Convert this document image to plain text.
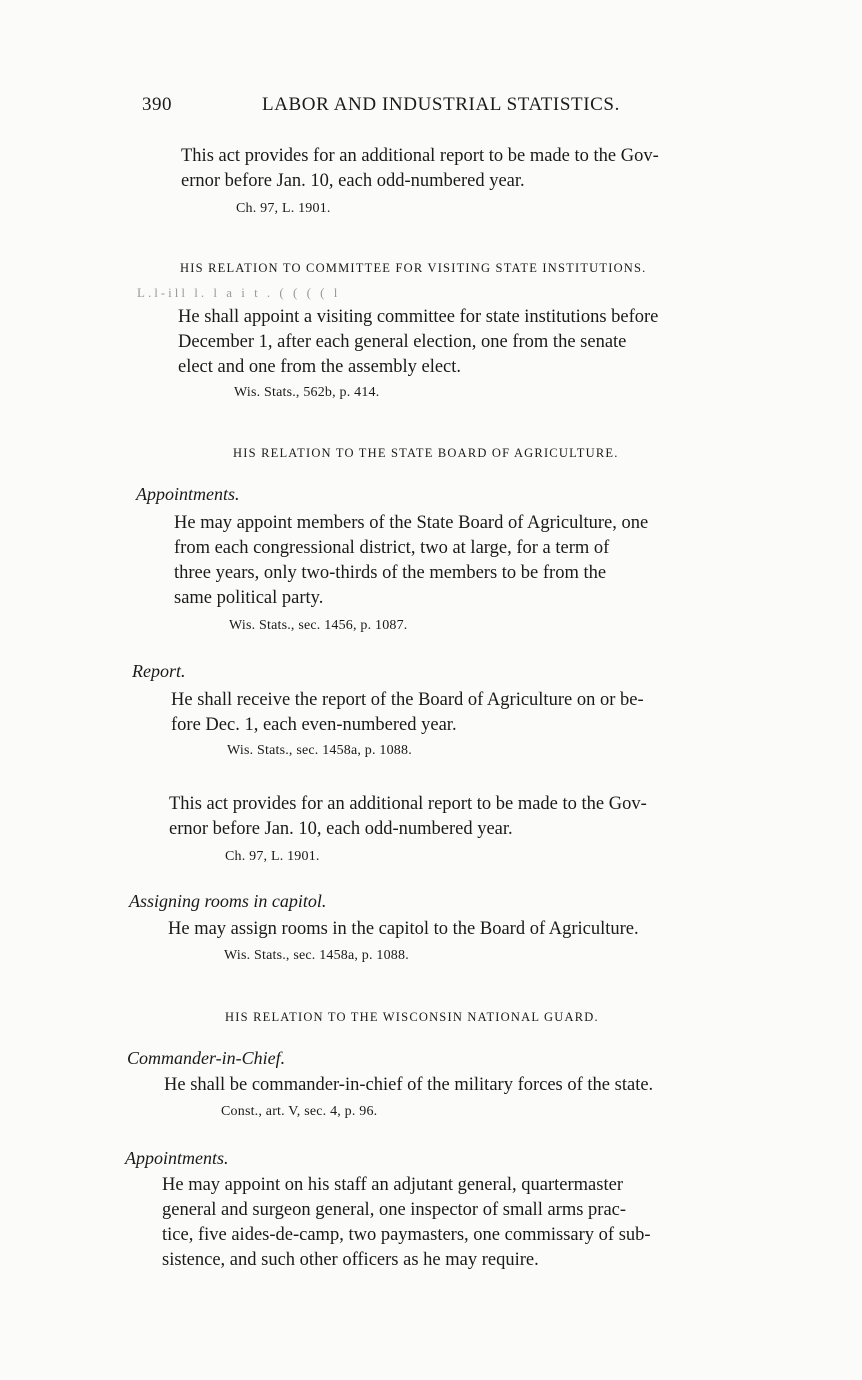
390	LABOR AND INDUSTRIAL STATISTICS.
This act provides for an additional report to be made to the Gov-
ernor before Jan. 10, each odd-numbered year.
Ch. 97, L. 1901.
HIS RELATION TO COMMITTEE FOR VISITING STATE INSTITUTIONS.
L.l-ill l. l a i t . ( ( ( ( l
He shall appoint a visiting committee for state institutions before
December 1, after each general election, one from the senate
elect and one from the assembly elect.
Wis. Stats., 562b, p. 414.
HIS RELATION TO THE STATE BOARD OF AGRICULTURE.
Appointments.
He may appoint members of the State Board of Agriculture, one
from each congressional district, two at large, for a term of
three years, only two-thirds of the members to be from the
same political party.
Wis. Stats., sec. 1456, p. 1087.
Report.
He shall receive the report of the Board of Agriculture on or be-
fore Dec. 1, each even-numbered year.
Wis. Stats., sec. 1458a, p. 1088.
This act provides for an additional report to be made to the Gov-
ernor before Jan. 10, each odd-numbered year.
Ch. 97, L. 1901.
Assigning rooms in capitol.
He may assign rooms in the capitol to the Board of Agriculture.
Wis. Stats., sec. 1458a, p. 1088.
HIS RELATION TO THE WISCONSIN NATIONAL GUARD.
Commander-in-Chief.
He shall be commander-in-chief of the military forces of the state.
Const., art. V, sec. 4, p. 96.
Appointments.
He may appoint on his staff an adjutant general, quartermaster
general and surgeon general, one inspector of small arms prac-
tice, five aides-de-camp, two paymasters, one commissary of sub-
sistence, and such other officers as he may require.
